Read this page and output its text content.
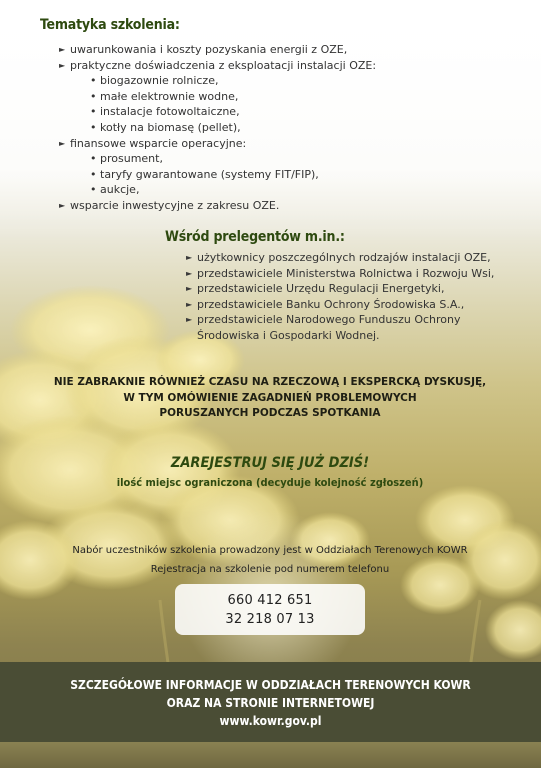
Tematyka szkolenia:
► uwarunkowania i koszty pozyskania energii z OZE,
► praktyczne doświadczenia z eksploatacji instalacji OZE:
• biogazownie rolnicze,
• małe elektrownie wodne,
• instalacje fotowoltaiczne,
• kotły na biomasę (pellet),
► finansowe wsparcie operacyjne:
• prosument,
• taryfy gwarantowane (systemy FIT/FIP),
• aukcje,
► wsparcie inwestycyjne z zakresu OZE.
Wśród prelegentów m.in.:
► użytkownicy poszczególnych rodzajów instalacji OZE,
► przedstawiciele Ministerstwa Rolnictwa i Rozwoju Wsi,
► przedstawiciele Urzędu Regulacji Energetyki,
► przedstawiciele Banku Ochrony Środowiska S.A.,
► przedstawiciele Narodowego Funduszu Ochrony Środowiska i Gospodarki Wodnej.
NIE ZABRAKNIE RÓWNIEŻ CZASU NA RZECZOWĄ I EKSPERCKĄ DYSKUSJĘ,
W TYM OMÓWIENIE ZAGADNIEŃ PROBLEMOWYCH
PORUSZANYCH PODCZAS SPOTKANIA
ZAREJESTRUJ SIĘ JUŻ DZIŚ!
ilość miejsc ograniczona (decyduje kolejność zgłoszeń)
Nabór uczestników szkolenia prowadzony jest w Oddziałach Terenowych KOWR
Rejestracja na szkolenie pod numerem telefonu
660 412 651
32 218 07 13
SZCZEGÓŁOWE INFORMACJE W ODDZIAŁACH TERENOWYCH KOWR
ORAZ NA STRONIE INTERNETOWEJ
www.kowr.gov.pl
